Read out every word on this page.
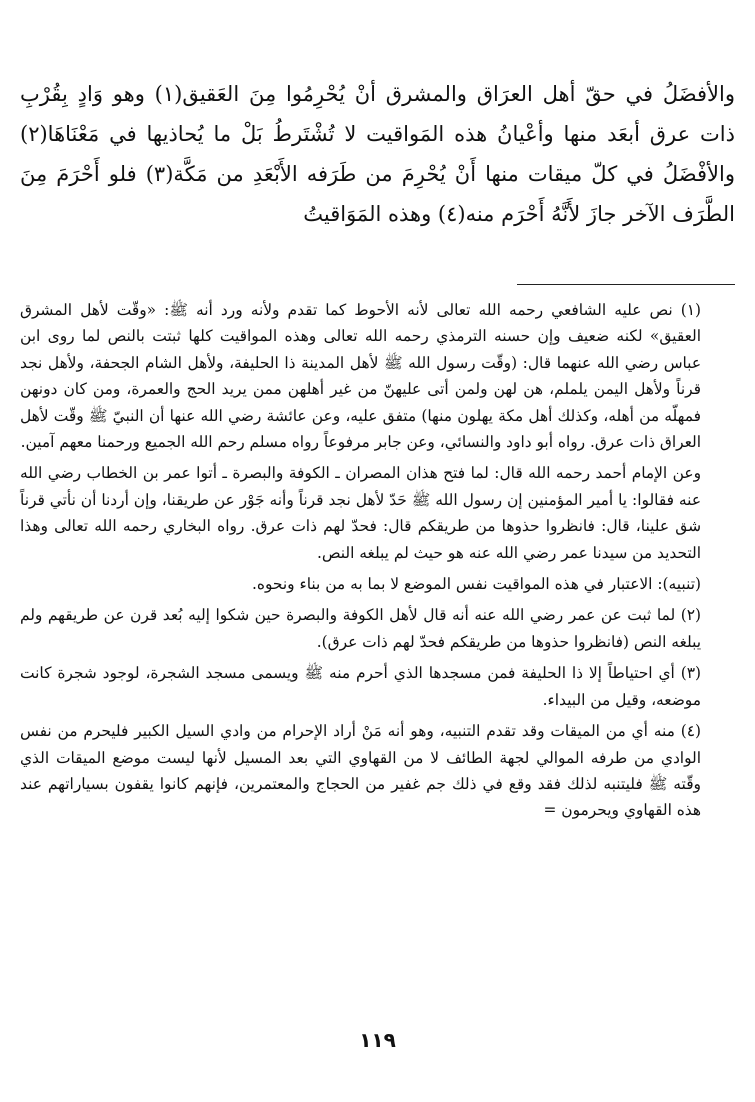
والأفضَلُ في حقّ أهل العرَاق والمشرق أنْ يُحْرِمُوا مِنَ العَقيق(١) وهو وَادٍ بِقُرْبِ ذات عرق أبعَد منها وأعْيانُ هذه المَواقيت لا تُشْتَرطُ بَلْ ما يُحاذيها في مَعْنَاهَا(٢) والأفْضَلُ في كلّ ميقات منها أَنْ يُحْرِمَ من طَرَفه الأَبْعَدِ من مَكَّة(٣) فلو أَحْرَمَ مِنَ الطَّرَف الآخر جازَ لأَنَّهُ أَحْرَم منه(٤) وهذه المَوَاقيتُ

(١) نص عليه الشافعي رحمه الله تعالى لأنه الأحوط كما تقدم ولأنه ورد أنه ﷺ: «وقّت لأهل المشرق العقيق» لكنه ضعيف وإن حسنه الترمذي رحمه الله تعالى وهذه المواقيت كلها ثبتت بالنص لما روى ابن عباس رضي الله عنهما قال: (وقّت رسول الله ﷺ لأهل المدينة ذا الحليفة، ولأهل الشام الجحفة، ولأهل نجد قرناً ولأهل اليمن يلملم، هن لهن ولمن أتى عليهنّ من غير أهلهن ممن يريد الحج والعمرة، ومن كان دونهن فمهلّه من أهله، وكذلك أهل مكة يهلون منها) متفق عليه، وعن عائشة رضي الله عنها أن النبيّ ﷺ وقّت لأهل العراق ذات عرق. رواه أبو داود والنسائي، وعن جابر مرفوعاً رواه مسلم رحم الله الجميع ورحمنا معهم آمين.

وعن الإمام أحمد رحمه الله قال: لما فتح هذان المصران ـ الكوفة والبصرة ـ أتوا عمر بن الخطاب رضي الله عنه فقالوا: يا أمير المؤمنين إن رسول الله ﷺ حَدّ لأهل نجد قرناً وأنه جَوْر عن طريقنا، وإن أردنا أن نأتي قرناً شق علينا، قال: فانظروا حذوها من طريقكم قال: فحدّ لهم ذات عرق. رواه البخاري رحمه الله تعالى وهذا التحديد من سيدنا عمر رضي الله عنه هو حيث لم يبلغه النص.

(تنبيه): الاعتبار في هذه المواقيت نفس الموضع لا بما به من بناء ونحوه.

(٢) لما ثبت عن عمر رضي الله عنه أنه قال لأهل الكوفة والبصرة حين شكوا إليه بُعد قرن عن طريقهم ولم يبلغه النص (فانظروا حذوها من طريقكم فحدّ لهم ذات عرق).

(٣) أي احتياطاً إلا ذا الحليفة فمن مسجدها الذي أحرم منه ﷺ ويسمى مسجد الشجرة، لوجود شجرة كانت موضعه، وقيل من البيداء.

(٤) منه أي من الميقات وقد تقدم التنبيه، وهو أنه مَنْ أراد الإحرام من وادي السيل الكبير فليحرم من نفس الوادي من طرفه الموالي لجهة الطائف لا من القهاوي التي بعد المسيل لأنها ليست موضع الميقات الذي وقّته ﷺ فليتنبه لذلك فقد وقع في ذلك جم غفير من الحجاج والمعتمرين، فإنهم كانوا يقفون بسياراتهم عند هذه القهاوي ويحرمون =

١١٩
